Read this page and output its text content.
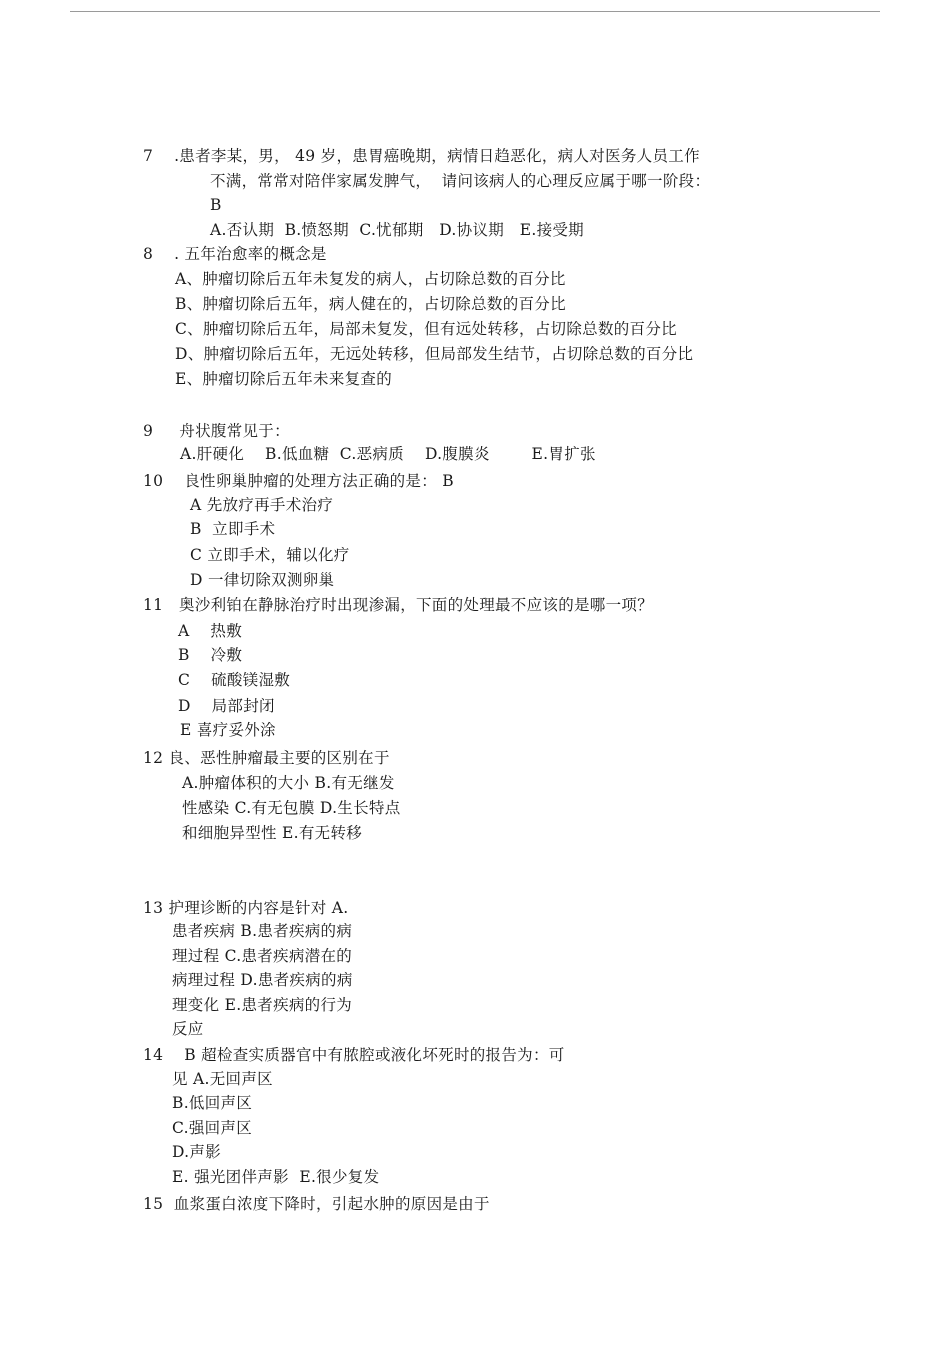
7    .患者李某，男， 49 岁，患胃癌晚期，病情日趋恶化，病人对医务人员工作
不满，常常对陪伴家属发脾气，  请问该病人的心理反应属于哪一阶段：
B
A.否认期  B.愤怒期  C.忧郁期   D.协议期   E.接受期
8    . 五年治愈率的概念是
A、肿瘤切除后五年未复发的病人，占切除总数的百分比
B、肿瘤切除后五年，病人健在的，占切除总数的百分比
C、肿瘤切除后五年，局部未复发，但有远处转移，占切除总数的百分比
D、肿瘤切除后五年，无远处转移，但局部发生结节，占切除总数的百分比
E、肿瘤切除后五年未来复查的
9     舟状腹常见于：
A.肝硬化    B.低血糖  C.恶病质    D.腹膜炎        E.胃扩张
10    良性卵巢肿瘤的处理方法正确的是： B
A 先放疗再手术治疗
B  立即手术
C 立即手术，辅以化疗
D 一律切除双测卵巢
11   奥沙利铂在静脉治疗时出现渗漏，下面的处理最不应该的是哪一项？
A    热敷
B    冷敷
C    硫酸镁湿敷
D    局部封闭
E 喜疗妥外涂
12 良、恶性肿瘤最主要的区别在于
A.肿瘤体积的大小 B.有无继发
性感染 C.有无包膜 D.生长特点
和细胞异型性 E.有无转移
13 护理诊断的内容是针对 A.
患者疾病 B.患者疾病的病
理过程 C.患者疾病潜在的
病理过程 D.患者疾病的病
理变化 E.患者疾病的行为
反应
14    B 超检查实质器官中有脓腔或液化坏死时的报告为：可
见 A.无回声区
B.低回声区
C.强回声区
D.声影
E. 强光团伴声影  E.很少复发
15  血浆蛋白浓度下降时，引起水肿的原因是由于
